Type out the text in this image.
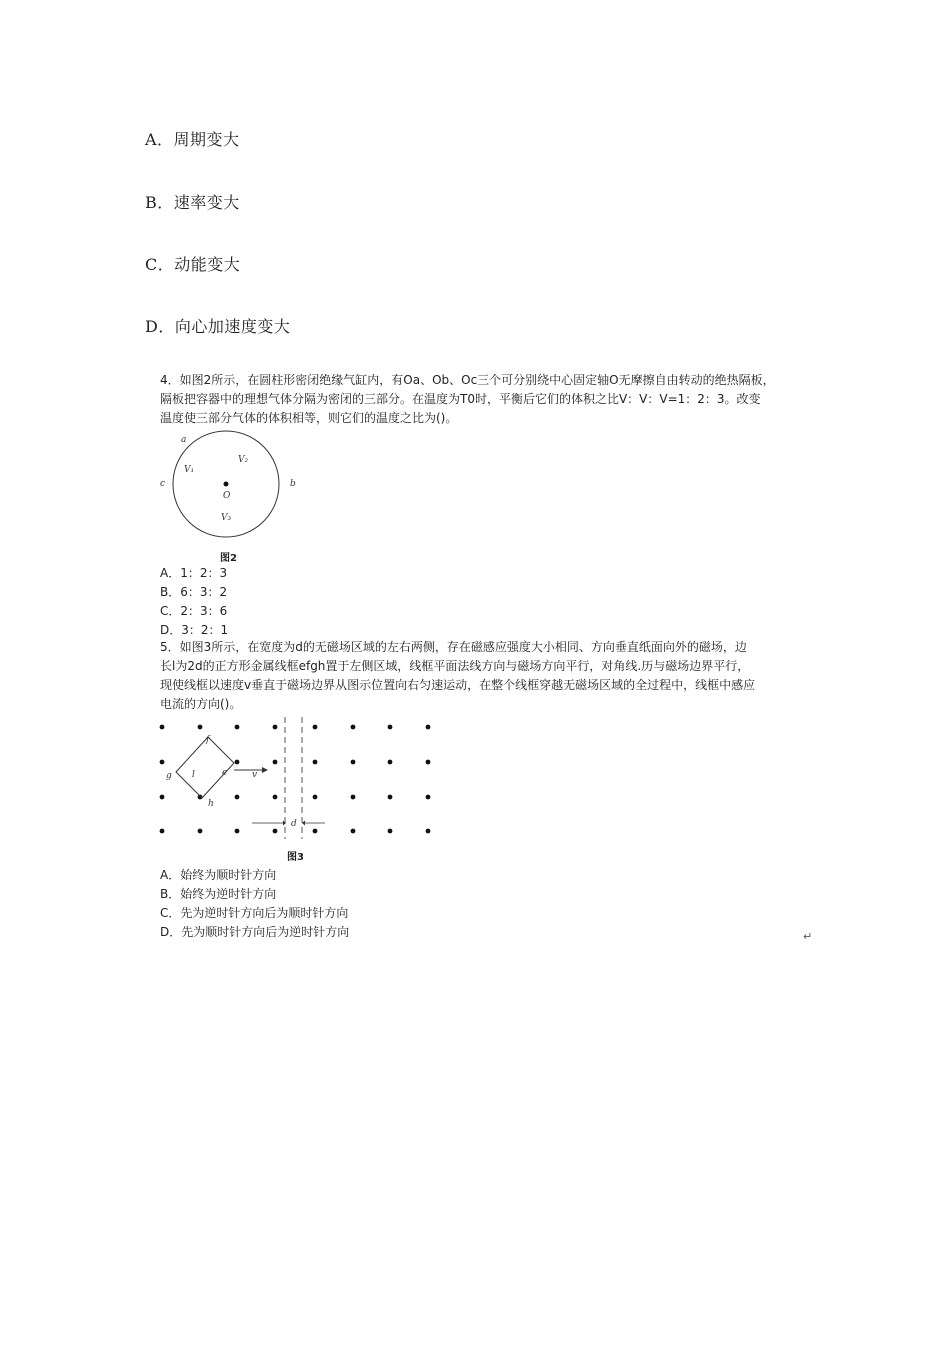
A．周期变大
B．速率变大
C．动能变大
D．向心加速度变大
4．如图2所示，在圆柱形密闭绝缘气缸内，有Oa、Ob、Oc三个可分别绕中心固定轴O无摩擦自由转动的绝热隔板，
隔板把容器中的理想气体分隔为密闭的三部分。在温度为T0时，平衡后它们的体积之比V：V：V=1：2：3。改变
温度使三部分气体的体积相等，则它们的温度之比为()。
a
b
c
O
V₁
V₂
V₃
图2
A．1：2：3
B．6：3：2
C．2：3：6
D．3：2：1
5．如图3所示，在宽度为d的无磁场区域的左右两侧，存在磁感应强度大小相同、方向垂直纸面向外的磁场，边
长l为2d的正方形金属线框efgh置于左侧区域，线框平面法线方向与磁场方向平行，对角线.历与磁场边界平行，
现使线框以速度v垂直于磁场边界从图示位置向右匀速运动，在整个线框穿越无磁场区域的全过程中，线框中感应
电流的方向()。
d
f
e
g
h
l	v
图3
A．始终为顺时针方向
B．始终为逆时针方向
C．先为逆时针方向后为顺时针方向
D．先为顺时针方向后为逆时针方向	↵
